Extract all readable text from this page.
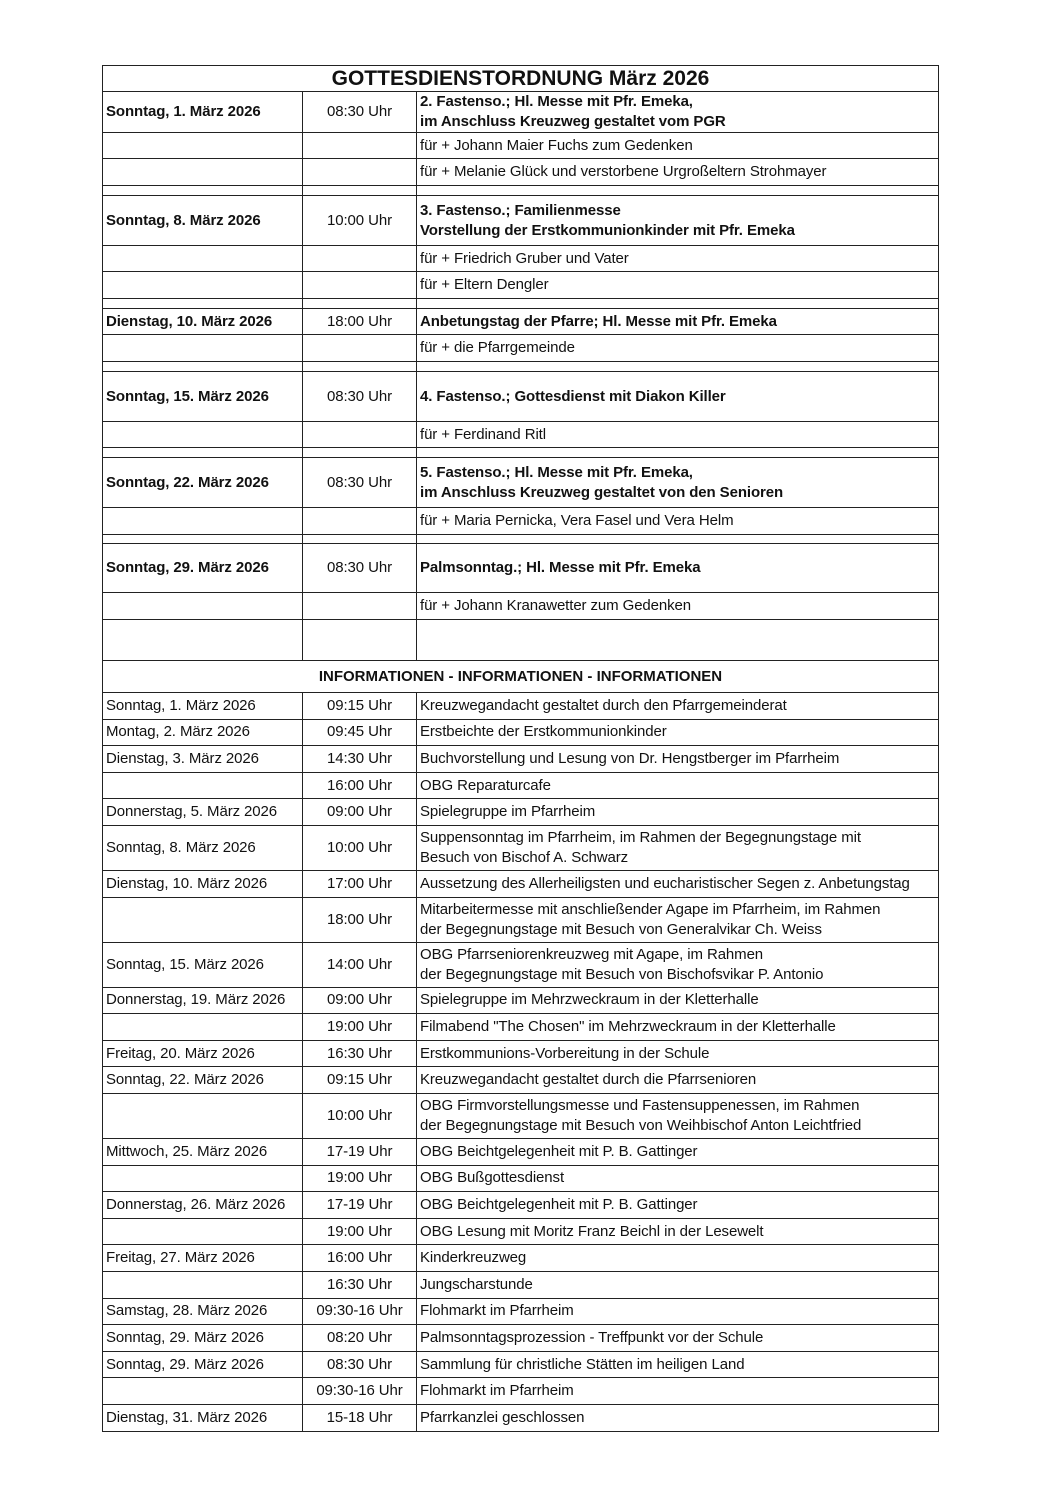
GOTTESDIENSTORDNUNG März 2026
Sonntag, 1. März 2026	08:30 Uhr
2. Fastenso.; Hl. Messe mit Pfr. Emeka,
im Anschluss Kreuzweg gestaltet vom PGR
für + Johann Maier Fuchs zum Gedenken
für + Melanie Glück und verstorbene Urgroßeltern Strohmayer
Sonntag, 8. März 2026	10:00 Uhr
3. Fastenso.; Familienmesse
Vorstellung der Erstkommunionkinder mit Pfr. Emeka
für + Friedrich Gruber und Vater
für + Eltern Dengler
Dienstag, 10. März 2026	18:00 Uhr Anbetungstag der Pfarre; Hl. Messe mit Pfr. Emeka
für + die Pfarrgemeinde
Sonntag, 15. März 2026	08:30 Uhr 4. Fastenso.; Gottesdienst mit Diakon Killer
für + Ferdinand Ritl
Sonntag, 22. März 2026	08:30 Uhr
5. Fastenso.; Hl. Messe mit Pfr. Emeka,
im Anschluss Kreuzweg gestaltet von den Senioren
für + Maria Pernicka, Vera Fasel und Vera Helm
Sonntag, 29. März 2026	08:30 Uhr Palmsonntag.; Hl. Messe mit Pfr. Emeka
für + Johann Kranawetter zum Gedenken
INFORMATIONEN - INFORMATIONEN - INFORMATIONEN
Sonntag, 1. März 2026	09:15 Uhr Kreuzwegandacht gestaltet durch den Pfarrgemeinderat
Montag, 2. März 2026	09:45 Uhr Erstbeichte der Erstkommunionkinder
Dienstag, 3. März 2026	14:30 Uhr Buchvorstellung und Lesung von Dr. Hengstberger im Pfarrheim
16:00 Uhr OBG Reparaturcafe
Donnerstag, 5. März 2026	09:00 Uhr Spielegruppe im Pfarrheim
Sonntag, 8. März 2026	10:00 Uhr
Suppensonntag im Pfarrheim, im Rahmen der Begegnungstage mit
Besuch von Bischof A. Schwarz
Dienstag, 10. März 2026	17:00 Uhr Aussetzung des Allerheiligsten und eucharistischer Segen z. Anbetungstag
18:00 Uhr
Mitarbeitermesse mit anschließender Agape im Pfarrheim, im Rahmen
der Begegnungstage mit Besuch von Generalvikar Ch. Weiss
Sonntag, 15. März 2026	14:00 Uhr
OBG Pfarrseniorenkreuzweg mit Agape, im Rahmen
der Begegnungstage mit Besuch von Bischofsvikar P. Antonio
Donnerstag, 19. März 2026	09:00 Uhr Spielegruppe im Mehrzweckraum in der Kletterhalle
19:00 Uhr Filmabend "The Chosen" im Mehrzweckraum in der Kletterhalle
Freitag, 20. März 2026	16:30 Uhr Erstkommunions-Vorbereitung in der Schule
Sonntag, 22. März 2026	09:15 Uhr Kreuzwegandacht gestaltet durch die Pfarrsenioren
10:00 Uhr
OBG Firmvorstellungsmesse und Fastensuppenessen, im Rahmen
der Begegnungstage mit Besuch von Weihbischof Anton Leichtfried
Mittwoch, 25. März 2026	17-19 Uhr OBG Beichtgelegenheit mit P. B. Gattinger
19:00 Uhr OBG Bußgottesdienst
Donnerstag, 26. März 2026	17-19 Uhr OBG Beichtgelegenheit mit P. B. Gattinger
19:00 Uhr OBG Lesung mit Moritz Franz Beichl in der Lesewelt
Freitag, 27. März 2026	16:00 Uhr Kinderkreuzweg
16:30 Uhr Jungscharstunde
Samstag, 28. März 2026	09:30-16 Uhr Flohmarkt im Pfarrheim
Sonntag, 29. März 2026	08:20 Uhr Palmsonntagsprozession - Treffpunkt vor der Schule
Sonntag, 29. März 2026	08:30 Uhr Sammlung für christliche Stätten im heiligen Land
09:30-16 Uhr Flohmarkt im Pfarrheim
Dienstag, 31. März 2026	15-18 Uhr Pfarrkanzlei geschlossen
